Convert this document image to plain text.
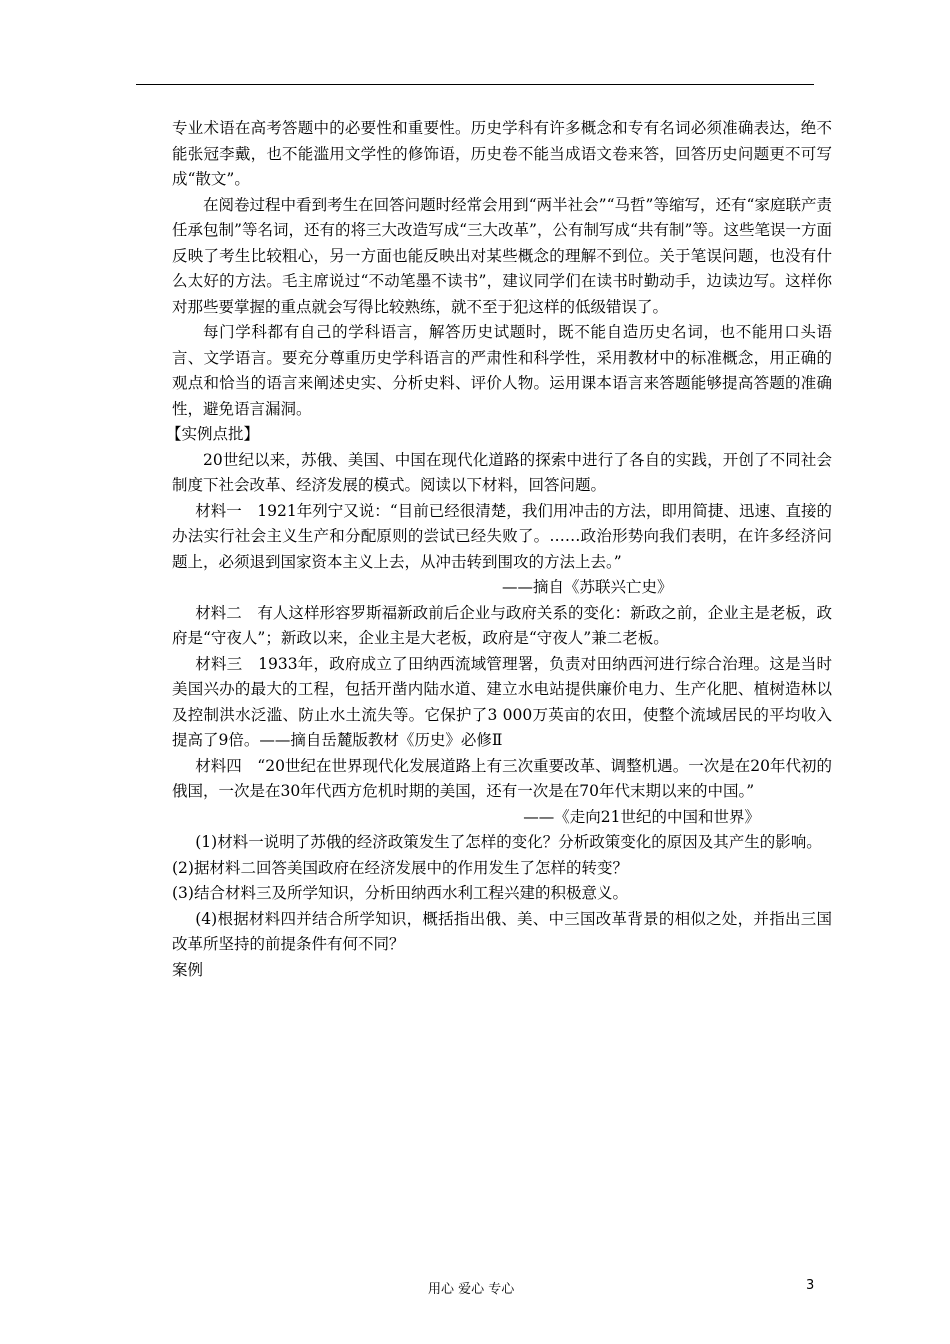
专业术语在高考答题中的必要性和重要性。历史学科有许多概念和专有名词必须准确表达，绝不能张冠李戴，也不能滥用文学性的修饰语，历史卷不能当成语文卷来答，回答历史问题更不可写成“散文”。

在阅卷过程中看到考生在回答问题时经常会用到“两半社会”“马哲”等缩写，还有“家庭联产责任承包制”等名词，还有的将三大改造写成“三大改革”，公有制写成“共有制”等。这些笔误一方面反映了考生比较粗心，另一方面也能反映出对某些概念的理解不到位。关于笔误问题，也没有什么太好的方法。毛主席说过“不动笔墨不读书”，建议同学们在读书时勤动手，边读边写。这样你对那些要掌握的重点就会写得比较熟练，就不至于犯这样的低级错误了。

每门学科都有自己的学科语言，解答历史试题时，既不能自造历史名词，也不能用口头语言、文学语言。要充分尊重历史学科语言的严肃性和科学性，采用教材中的标准概念，用正确的观点和恰当的语言来阐述史实、分析史料、评价人物。运用课本语言来答题能够提高答题的准确性，避免语言漏洞。

【实例点批】

20世纪以来，苏俄、美国、中国在现代化道路的探索中进行了各自的实践，开创了不同社会制度下社会改革、经济发展的模式。阅读以下材料，回答问题。

材料一　1921年列宁又说：“目前已经很清楚，我们用冲击的方法，即用简捷、迅速、直接的办法实行社会主义生产和分配原则的尝试已经失败了。……政治形势向我们表明，在许多经济问题上，必须退到国家资本主义上去，从冲击转到围攻的方法上去。”

——摘自《苏联兴亡史》

材料二　有人这样形容罗斯福新政前后企业与政府关系的变化：新政之前，企业主是老板，政府是“守夜人”；新政以来，企业主是大老板，政府是“守夜人”兼二老板。

材料三　1933年，政府成立了田纳西流域管理署，负责对田纳西河进行综合治理。这是当时美国兴办的最大的工程，包括开凿内陆水道、建立水电站提供廉价电力、生产化肥、植树造林以及控制洪水泛滥、防止水土流失等。它保护了3 000万英亩的农田，使整个流域居民的平均收入提高了9倍。——摘自岳麓版教材《历史》必修Ⅱ

材料四　“20世纪在世界现代化发展道路上有三次重要改革、调整机遇。一次是在20年代初的俄国，一次是在30年代西方危机时期的美国，还有一次是在70年代末期以来的中国。”
——《走向21世纪的中国和世界》

(1)材料一说明了苏俄的经济政策发生了怎样的变化？分析政策变化的原因及其产生的影响。

(2)据材料二回答美国政府在经济发展中的作用发生了怎样的转变？

(3)结合材料三及所学知识，分析田纳西水利工程兴建的积极意义。

(4)根据材料四并结合所学知识，概括指出俄、美、中三国改革背景的相似之处，并指出三国改革所坚持的前提条件有何不同？

案例

用心 爱心 专心	3
